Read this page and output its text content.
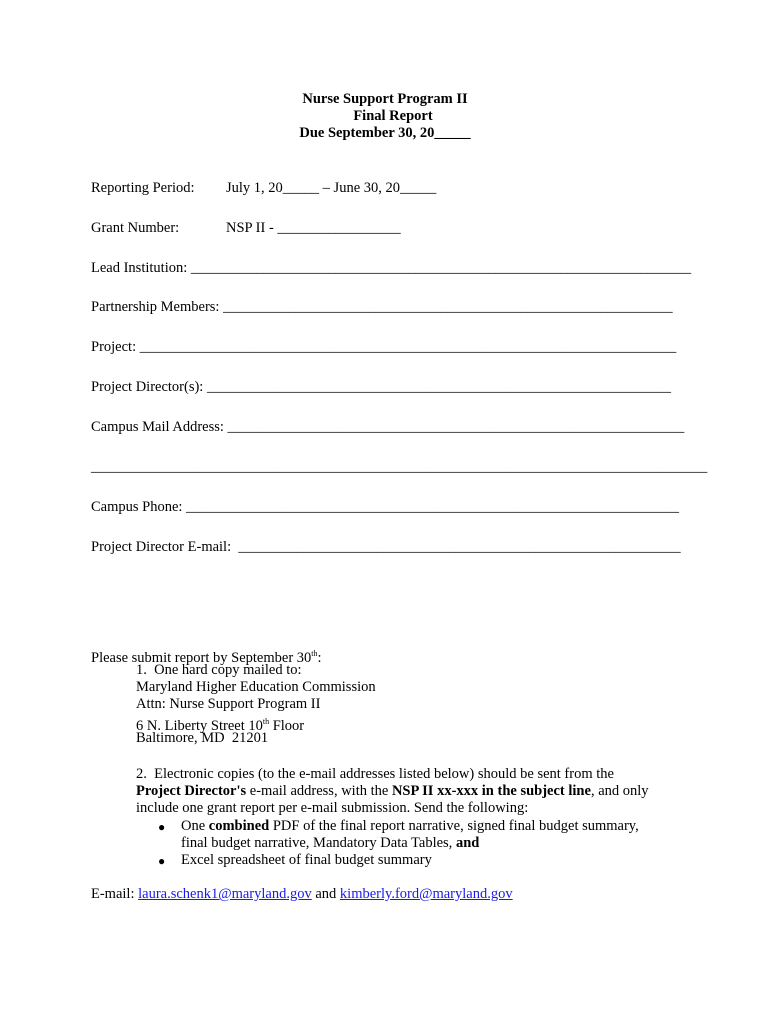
Nurse Support Program II
Final Report
Due September 30, 20_____
Reporting Period: July 1, 20_____ – June 30, 20_____
Grant Number:	NSP II - _________________
Lead Institution: _____________________________________________________________________
Partnership Members: ______________________________________________________________
Project: __________________________________________________________________________
Project Director(s): ________________________________________________________________
Campus Mail Address: _______________________________________________________________
_____________________________________________________________________________________
Campus Phone: ____________________________________________________________________
Project Director E-mail:  _____________________________________________________________
Please submit report by September 30th:
1.  One hard copy mailed to:
Maryland Higher Education Commission
Attn: Nurse Support Program II
6 N. Liberty Street 10th Floor
Baltimore, MD  21201
2.  Electronic copies (to the e-mail addresses listed below) should be sent from the
Project Director's e-mail address, with the NSP II xx-xxx in the subject line, and only
include one grant report per e-mail submission. Send the following:
● One combined PDF of the final report narrative, signed final budget summary,
final budget narrative, Mandatory Data Tables, and
● Excel spreadsheet of final budget summary
E-mail: laura.schenk1@maryland.gov and kimberly.ford@maryland.gov
